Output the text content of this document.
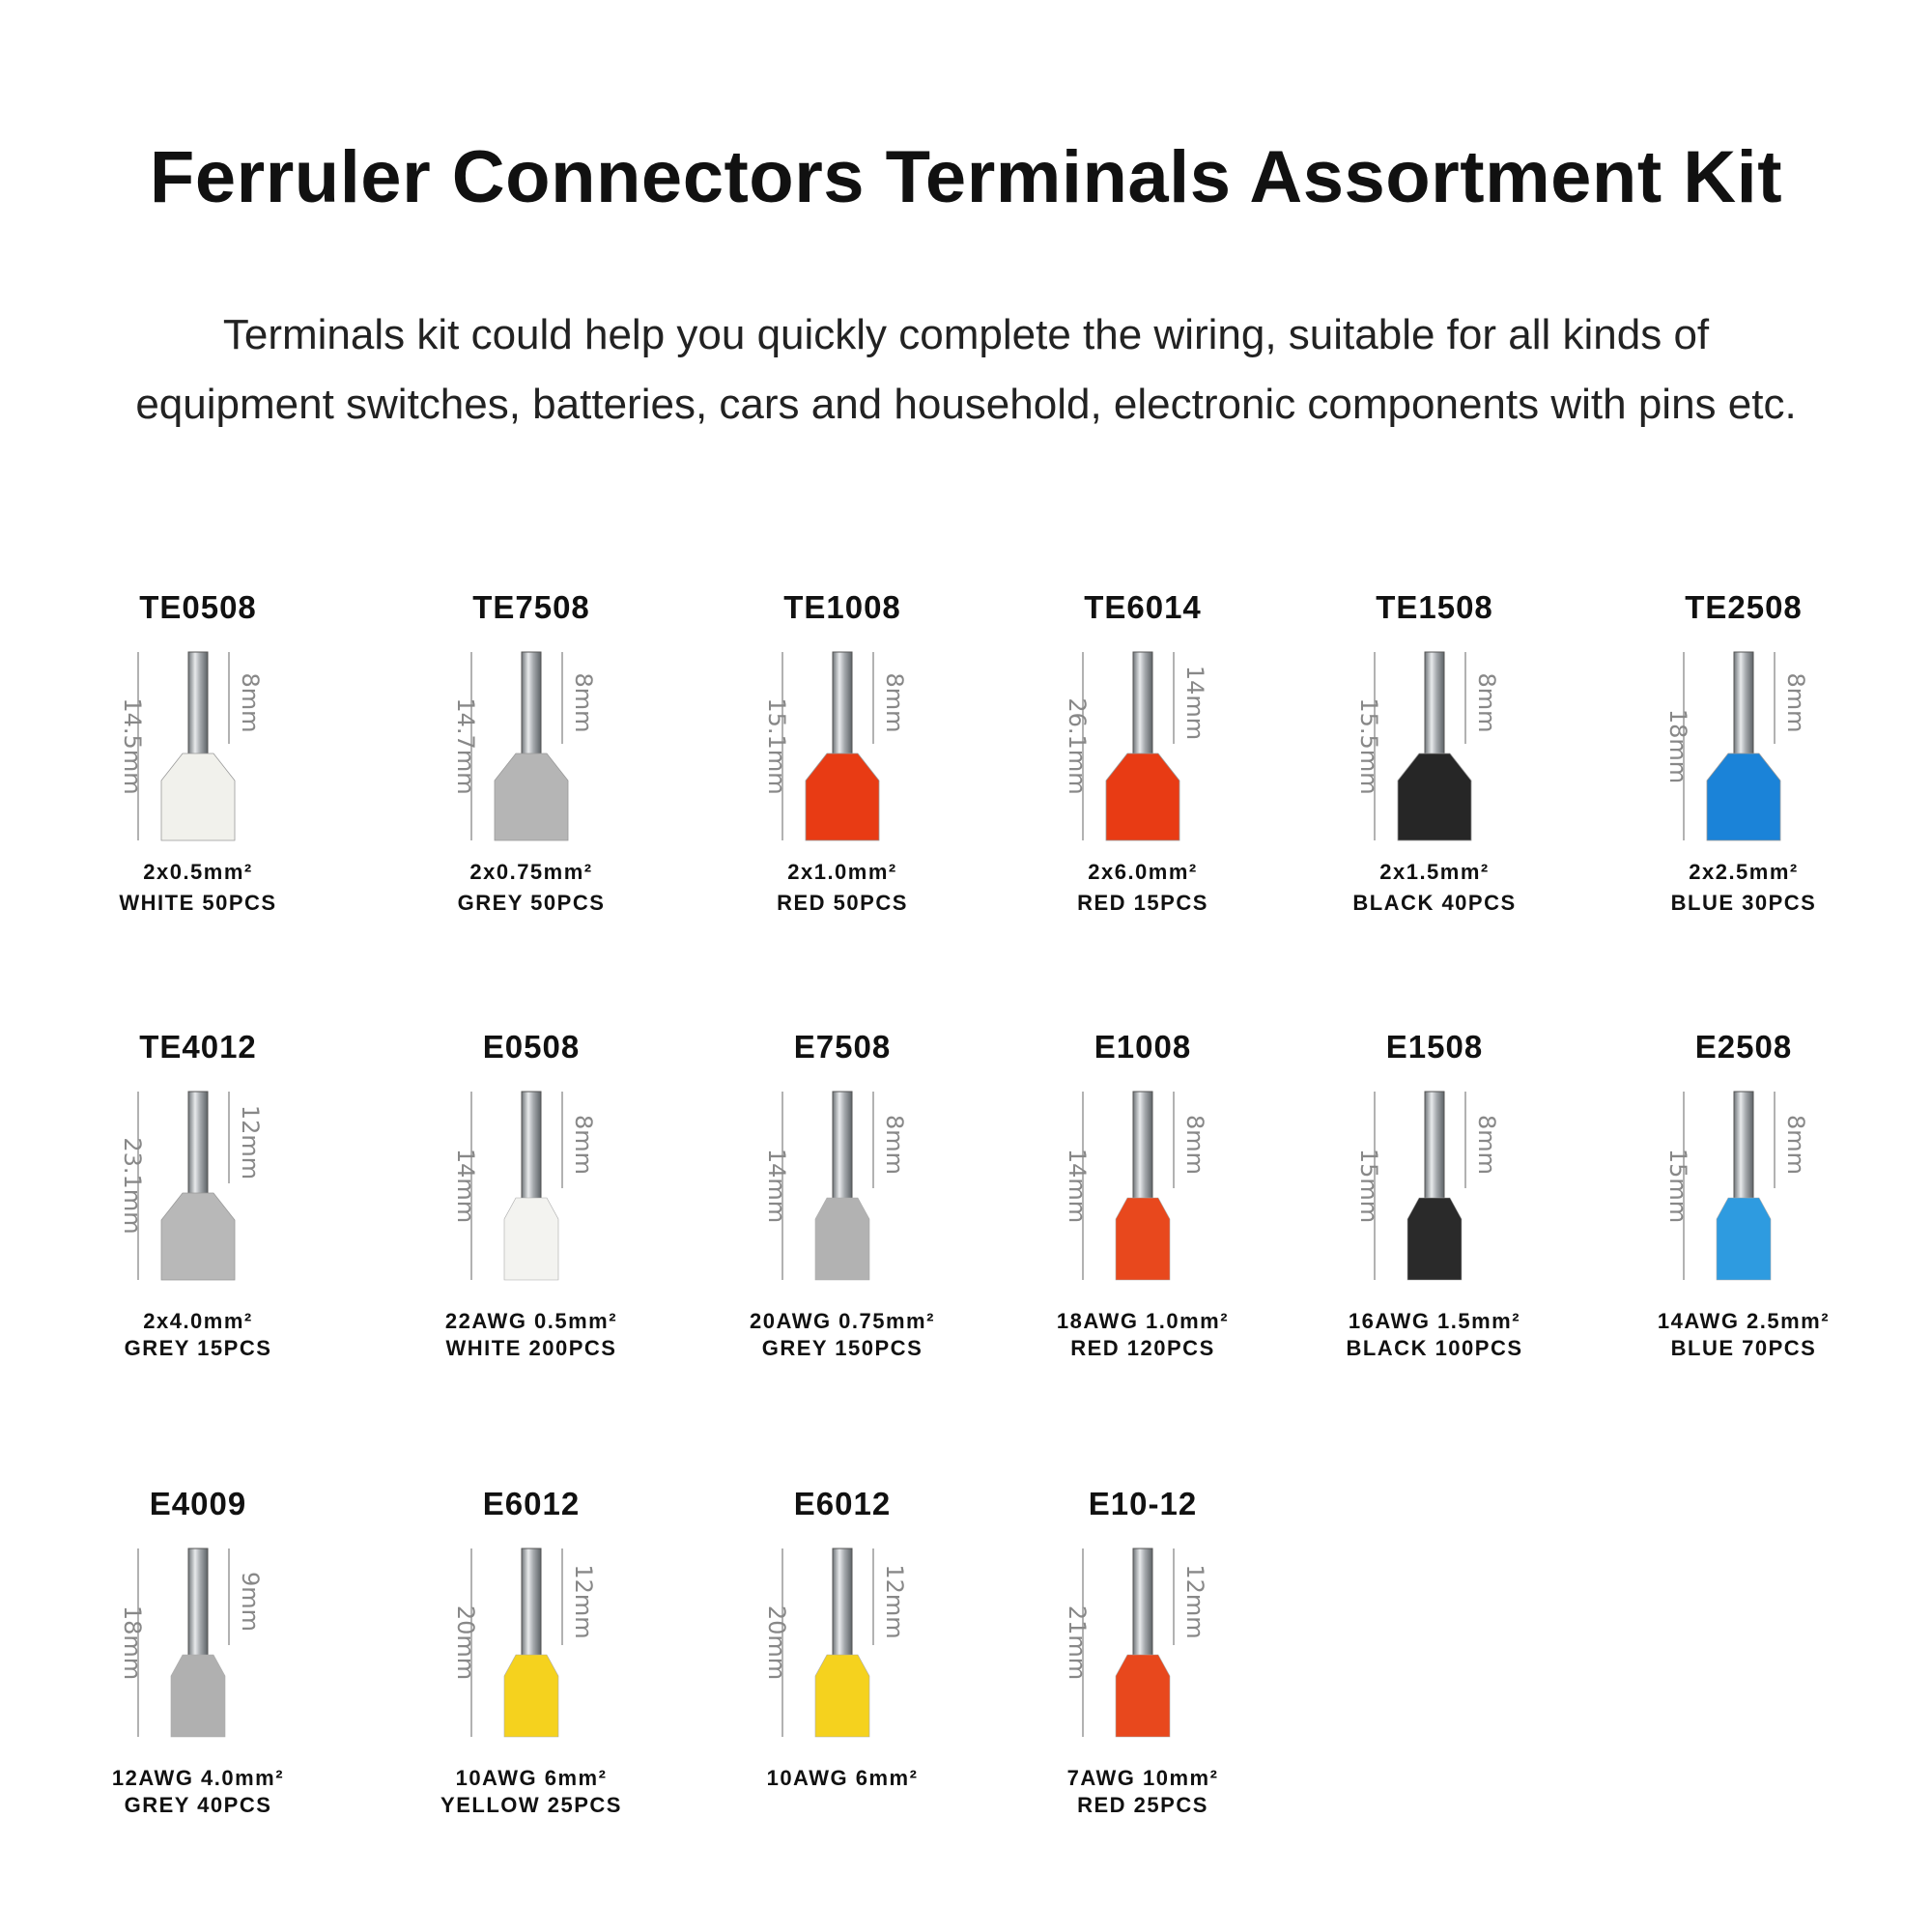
Ferruler Connectors Terminals Assortment Kit
Terminals kit could help you quickly complete the wiring, suitable for all kinds of
equipment switches, batteries, cars and household, electronic components with pins etc.
TE0508
14.5mm	8mm
2x0.5mm²
WHITE 50PCS
TE7508
14.7mm	8mm
2x0.75mm²
GREY 50PCS
TE1008
15.1mm	8mm
2x1.0mm²
RED 50PCS
TE6014
26.1mm	14mm
2x6.0mm²
RED 15PCS
TE1508
15.5mm	8mm
2x1.5mm²
BLACK 40PCS
TE2508
18mm
8mm
2x2.5mm²
BLUE 30PCS
TE4012
23.1mm	12mm
2x4.0mm²
GREY 15PCS
E0508
14mm
8mm
22AWG 0.5mm²
WHITE 200PCS
E7508
14mm
8mm
20AWG 0.75mm²
GREY 150PCS
E1008
14mm
8mm
18AWG 1.0mm²
RED 120PCS
E1508
15mm
8mm
16AWG 1.5mm²
BLACK 100PCS
E2508
15mm
8mm
14AWG 2.5mm²
BLUE 70PCS
E4009
18mm
9mm
12AWG 4.0mm²
GREY 40PCS
E6012
20mm
12mm
10AWG 6mm²
YELLOW 25PCS
E6012
20mm
12mm
10AWG 6mm²
E10-12
21mm
12mm
7AWG 10mm²
RED 25PCS
